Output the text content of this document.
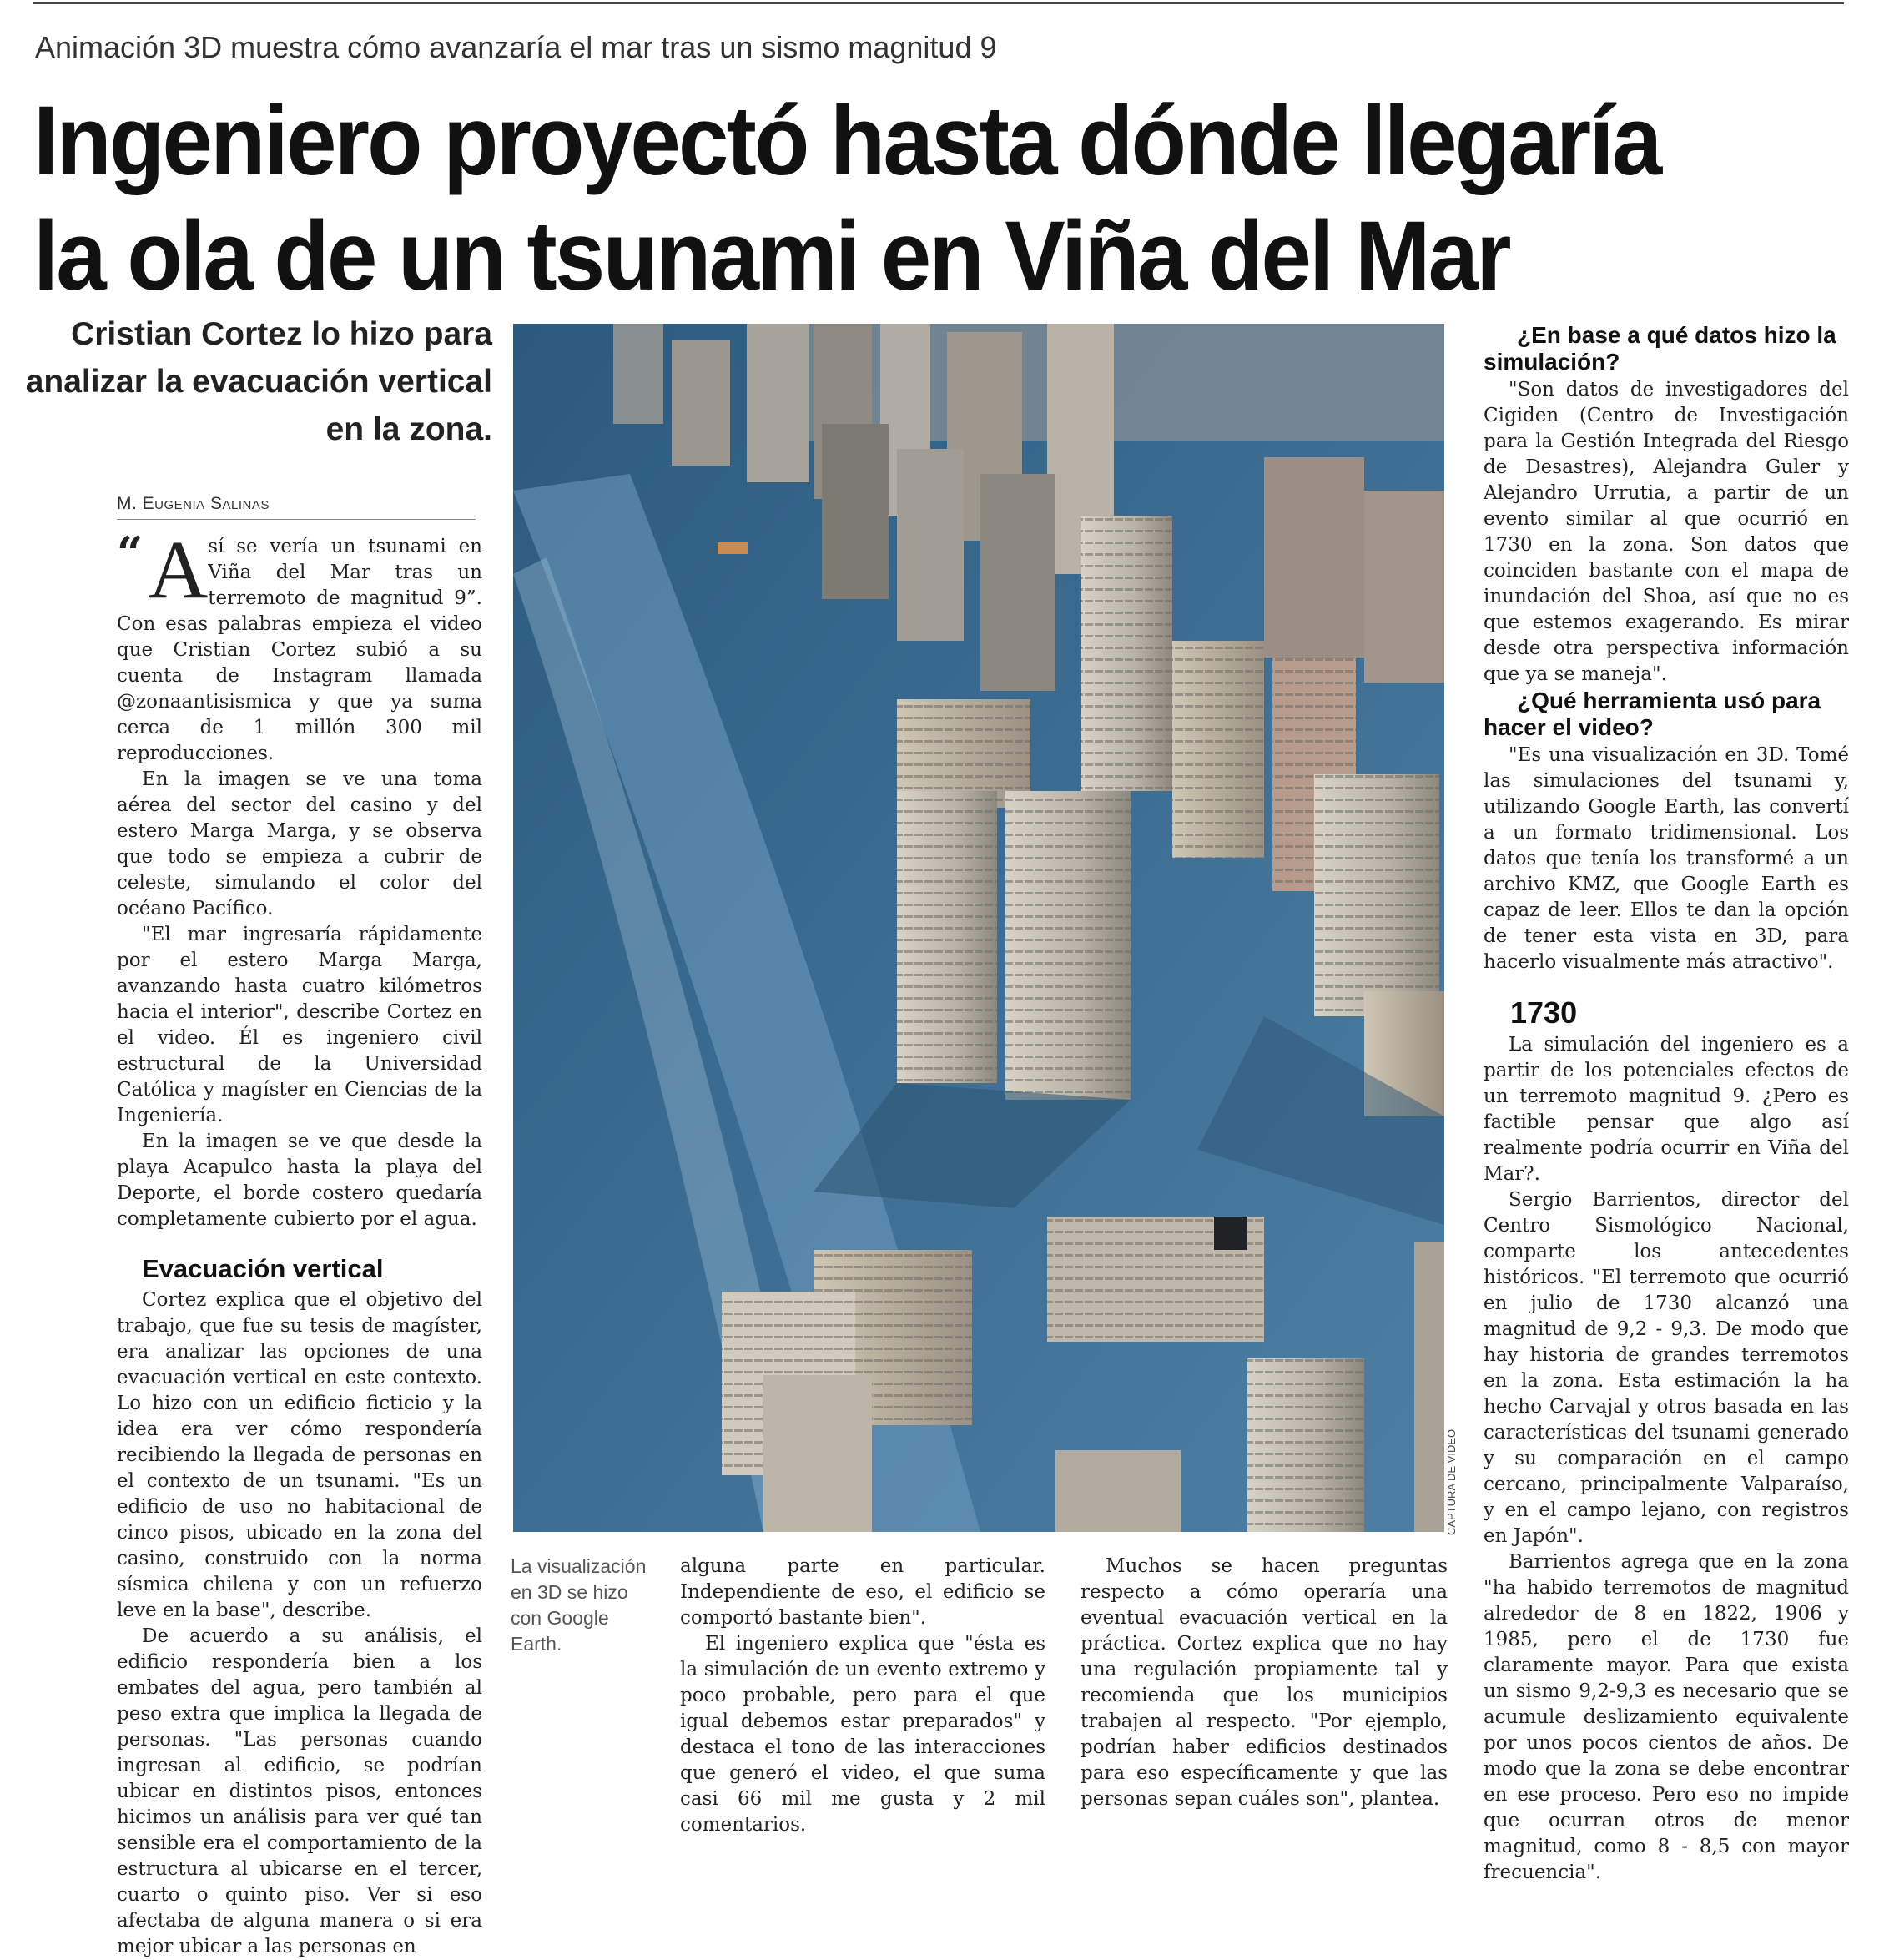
Animación 3D muestra cómo avanzaría el mar tras un sismo magnitud 9
Ingeniero proyectó hasta dónde llegaría
la ola de un tsunami en Viña del Mar
Cristian Cortez lo hizo para analizar la evacuación vertical en la zona.
M. Eugenia Salinas

“ A sí se vería un tsunami en Viña del Mar tras un terremoto de magnitud 9”. Con esas palabras empieza el video que Cristian Cortez subió a su cuenta de Instagram llamada @zonaantisismica y que ya suma cerca de 1 millón 300 mil reproducciones.

En la imagen se ve una toma aérea del sector del casino y del estero Marga Marga, y se observa que todo se empieza a cubrir de celeste, simulando el color del océano Pacífico.

"El mar ingresaría rápidamente por el estero Marga Marga, avanzando hasta cuatro kilómetros hacia el interior", describe Cortez en el video. Él es ingeniero civil estructural de la Universidad Católica y magíster en Ciencias de la Ingeniería.

En la imagen se ve que desde la playa Acapulco hasta la playa del Deporte, el borde costero quedaría completamente cubierto por el agua.

Evacuación vertical

Cortez explica que el objetivo del trabajo, que fue su tesis de magíster, era analizar las opciones de una evacuación vertical en este contexto. Lo hizo con un edificio ficticio y la idea era ver cómo respondería recibiendo la llegada de personas en el contexto de un tsunami. "Es un edificio de uso no habitacional de cinco pisos, ubicado en la zona del casino, construido con la norma sísmica chilena y con un refuerzo leve en la base", describe.

De acuerdo a su análisis, el edificio respondería bien a los embates del agua, pero también al peso extra que implica la llegada de personas. "Las personas cuando ingresan al edificio, se podrían ubicar en distintos pisos, entonces hicimos un análisis para ver qué tan sensible era el comportamiento de la estructura al ubicarse en el tercer, cuarto o quinto piso. Ver si eso afectaba de alguna manera o si era mejor ubicar a las personas en

CAPTURA DE VIDEO
La visualización en 3D se hizo con Google Earth.

alguna parte en particular. Independiente de eso, el edificio se comportó bastante bien".

El ingeniero explica que "ésta es la simulación de un evento extremo y poco probable, pero para el que igual debemos estar preparados" y destaca el tono de las interacciones que generó el video, el que suma casi 66 mil me gusta y 2 mil comentarios.

Muchos se hacen preguntas respecto a cómo operaría una eventual evacuación vertical en la práctica. Cortez explica que no hay una regulación propiamente tal y recomienda que los municipios trabajen al respecto. "Por ejemplo, podrían haber edificios destinados para eso específicamente y que las personas sepan cuáles son", plantea.

¿En base a qué datos hizo la simulación?

"Son datos de investigadores del Cigiden (Centro de Investigación para la Gestión Integrada del Riesgo de Desastres), Alejandra Guler y Alejandro Urrutia, a partir de un evento similar al que ocurrió en 1730 en la zona. Son datos que coinciden bastante con el mapa de inundación del Shoa, así que no es que estemos exagerando. Es mirar desde otra perspectiva información que ya se maneja".

¿Qué herramienta usó para hacer el video?

"Es una visualización en 3D. Tomé las simulaciones del tsunami y, utilizando Google Earth, las convertí a un formato tridimensional. Los datos que tenía los transformé a un archivo KMZ, que Google Earth es capaz de leer. Ellos te dan la opción de tener esta vista en 3D, para hacerlo visualmente más atractivo".

1730

La simulación del ingeniero es a partir de los potenciales efectos de un terremoto magnitud 9. ¿Pero es factible pensar que algo así realmente podría ocurrir en Viña del Mar?.

Sergio Barrientos, director del Centro Sismológico Nacional, comparte los antecedentes históricos. "El terremoto que ocurrió en julio de 1730 alcanzó una magnitud de 9,2 - 9,3. De modo que hay historia de grandes terremotos en la zona. Esta estimación la ha hecho Carvajal y otros basada en las características del tsunami generado y su comparación en el campo cercano, principalmente Valparaíso, y en el campo lejano, con registros en Japón".

Barrientos agrega que en la zona "ha habido terremotos de magnitud alrededor de 8 en 1822, 1906 y 1985, pero el de 1730 fue claramente mayor. Para que exista un sismo 9,2-9,3 es necesario que se acumule deslizamiento equivalente por unos pocos cientos de años. De modo que la zona se debe encontrar en ese proceso. Pero eso no impide que ocurran otros de menor magnitud, como 8 - 8,5 con mayor frecuencia".
